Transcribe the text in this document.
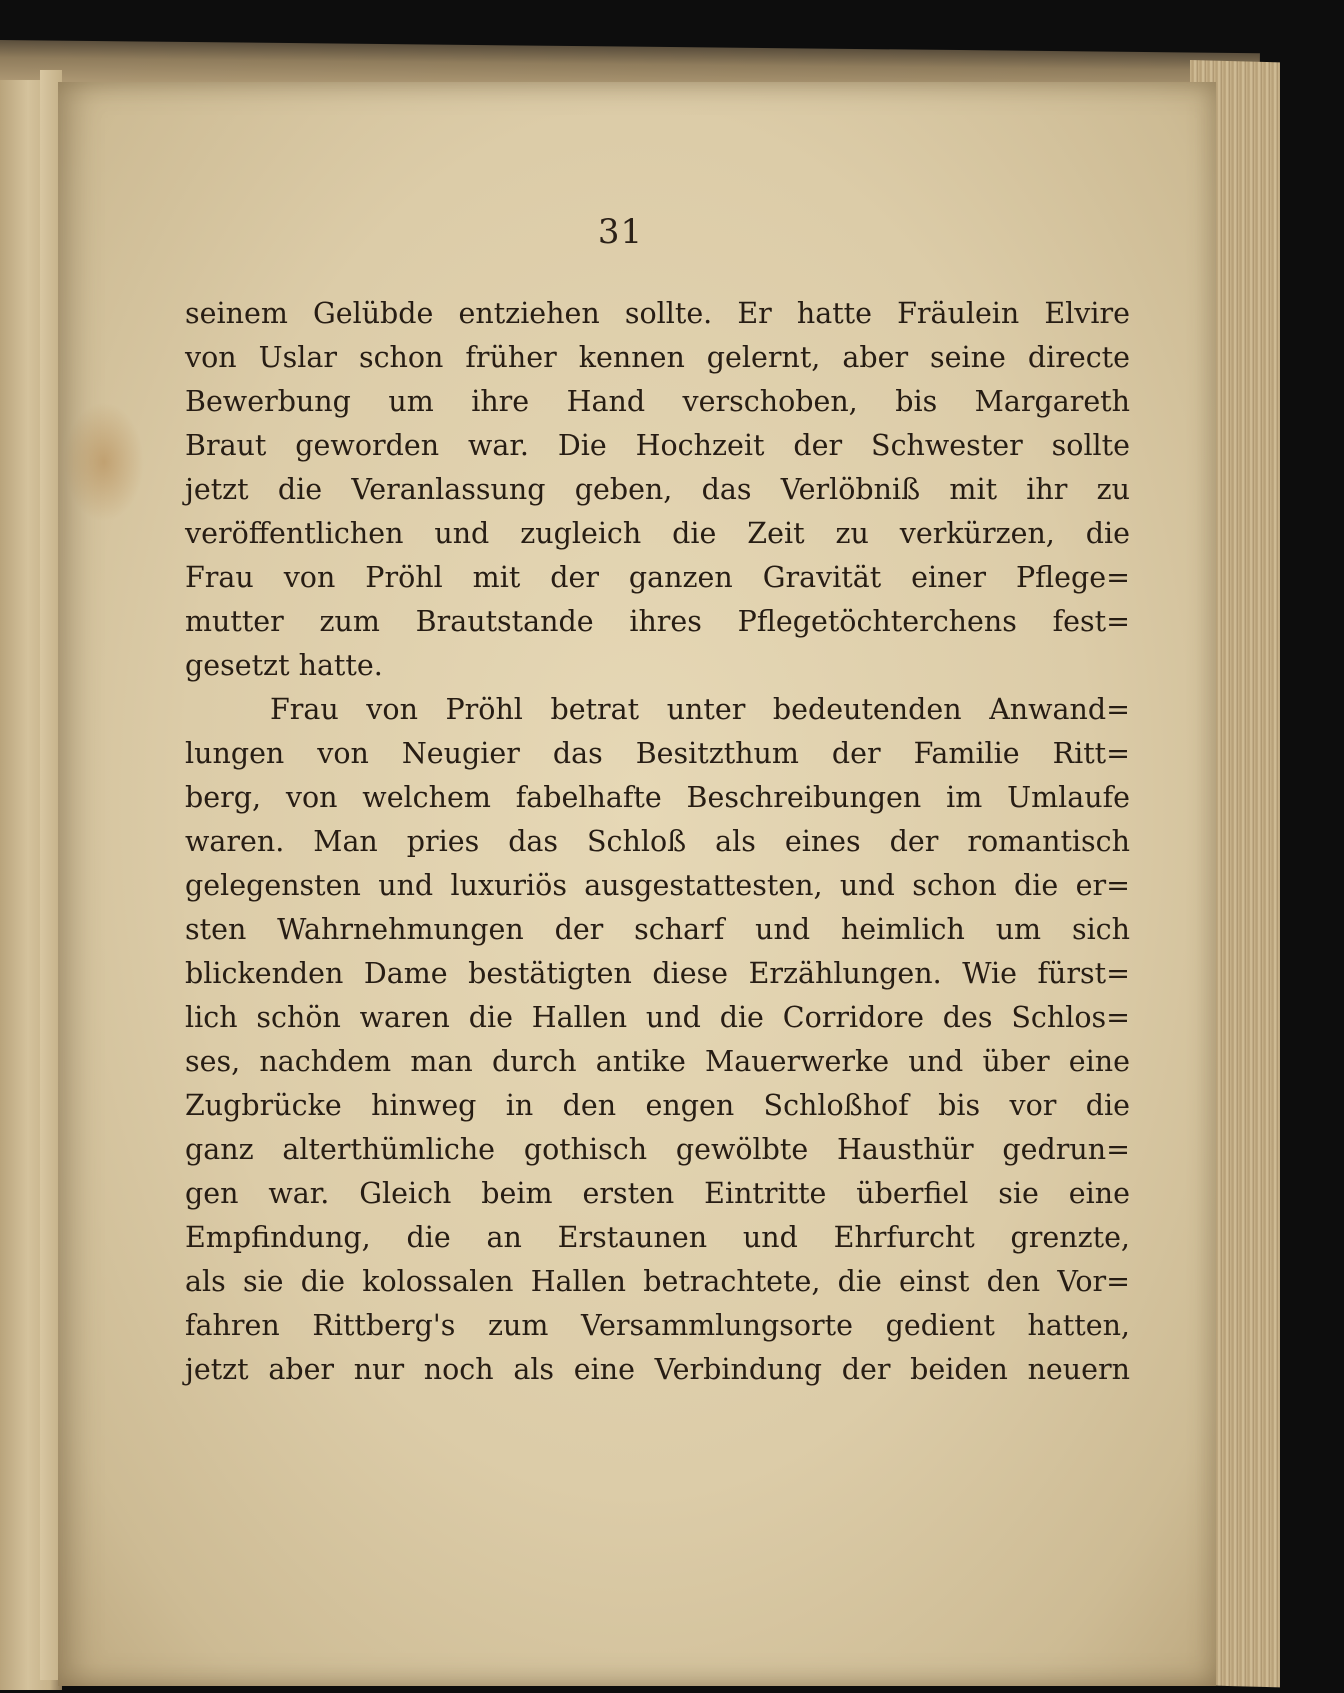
31
seinem Gelübde entziehen sollte. Er hatte Fräulein Elvire
von Uslar schon früher kennen gelernt, aber seine directe
Bewerbung um ihre Hand verschoben, bis Margareth
Braut geworden war. Die Hochzeit der Schwester sollte
jetzt die Veranlassung geben, das Verlöbniß mit ihr zu
veröffentlichen und zugleich die Zeit zu verkürzen, die
Frau von Pröhl mit der ganzen Gravität einer Pflege=
mutter zum Brautstande ihres Pflegetöchterchens fest=
gesetzt hatte.
Frau von Pröhl betrat unter bedeutenden Anwand=
lungen von Neugier das Besitzthum der Familie Ritt=
berg, von welchem fabelhafte Beschreibungen im Umlaufe
waren. Man pries das Schloß als eines der romantisch
gelegensten und luxuriös ausgestattesten, und schon die er=
sten Wahrnehmungen der scharf und heimlich um sich
blickenden Dame bestätigten diese Erzählungen. Wie fürst=
lich schön waren die Hallen und die Corridore des Schlos=
ses, nachdem man durch antike Mauerwerke und über eine
Zugbrücke hinweg in den engen Schloßhof bis vor die
ganz alterthümliche gothisch gewölbte Hausthür gedrun=
gen war. Gleich beim ersten Eintritte überfiel sie eine
Empfindung, die an Erstaunen und Ehrfurcht grenzte,
als sie die kolossalen Hallen betrachtete, die einst den Vor=
fahren Rittberg's zum Versammlungsorte gedient hatten,
jetzt aber nur noch als eine Verbindung der beiden neuern
